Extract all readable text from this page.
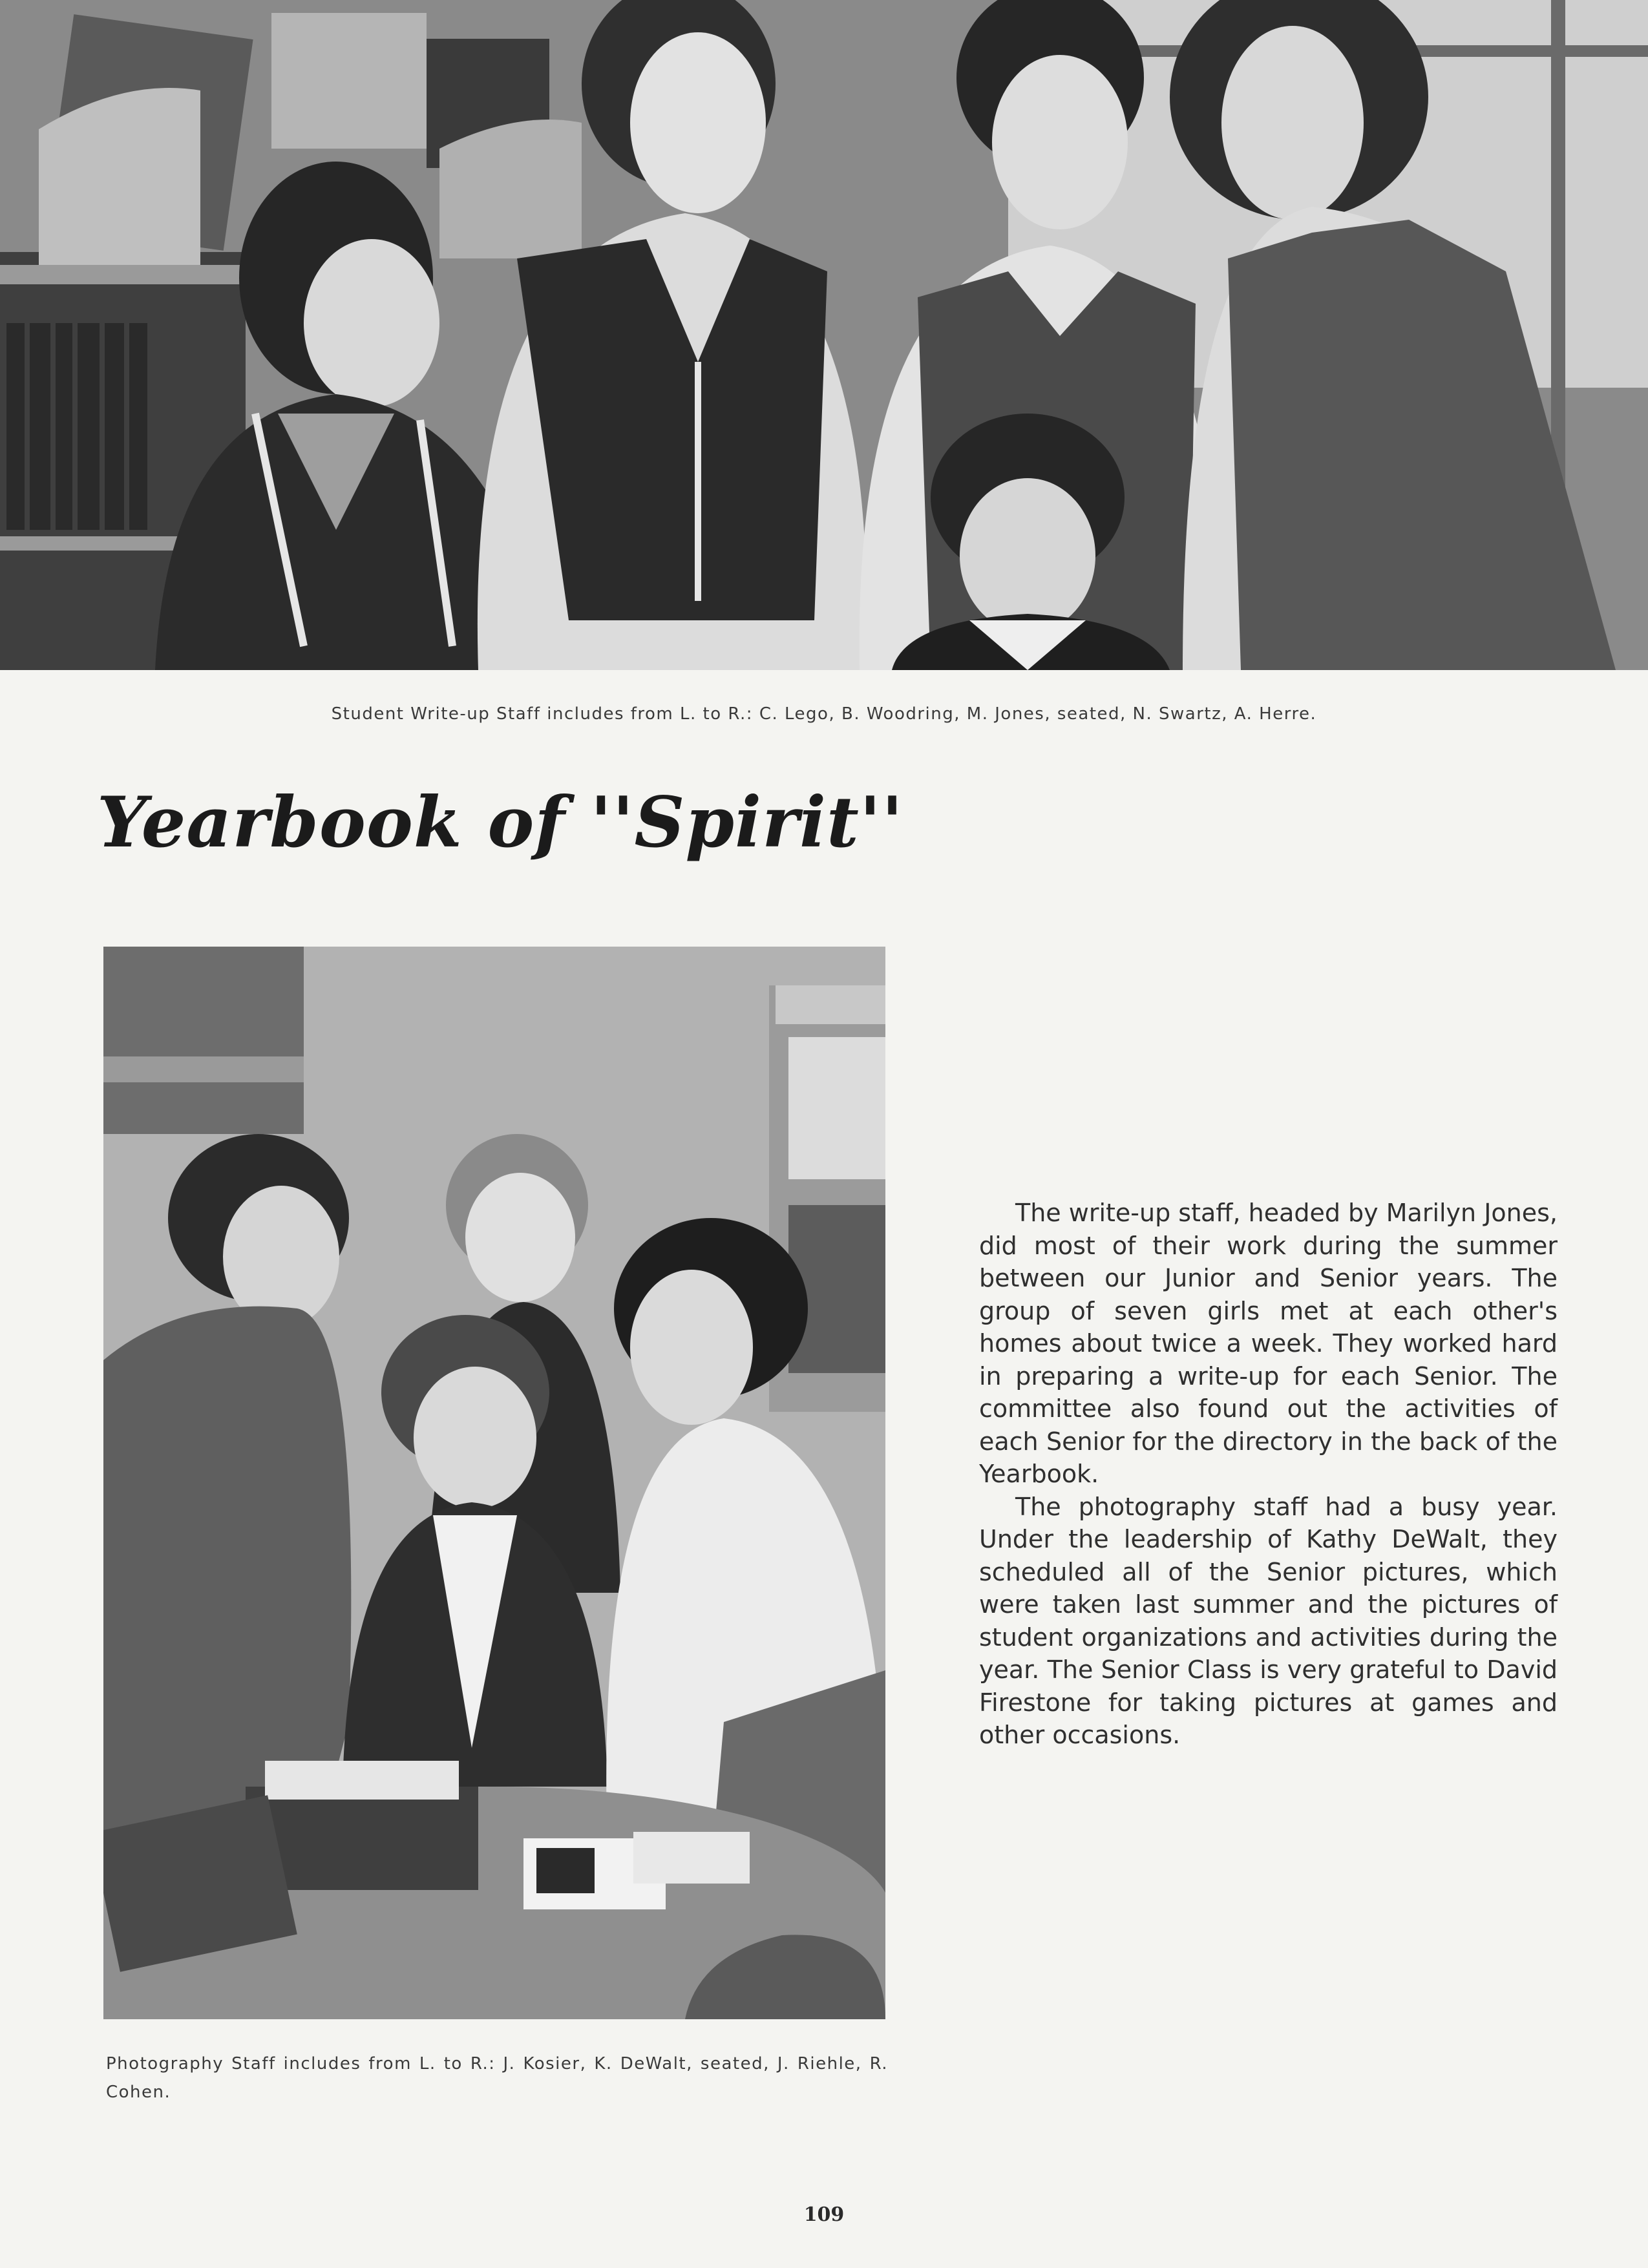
Student Write-up Staff includes from L. to R.: C. Lego, B. Woodring, M. Jones, seated, N. Swartz, A. Herre.
Yearbook of ''Spirit''
Photography Staff includes from L. to R.: J. Kosier, K. DeWalt, seated, J. Riehle, R. Cohen.

The write-up staff, headed by Marilyn Jones, did most of their work during the summer between our Junior and Senior years. The group of seven girls met at each other's homes about twice a week. They worked hard in preparing a write-up for each Senior. The committee also found out the activities of each Senior for the directory in the back of the Yearbook.

The photography staff had a busy year. Under the leadership of Kathy DeWalt, they scheduled all of the Senior pictures, which were taken last summer and the pictures of student organizations and activities during the year. The Senior Class is very grateful to David Firestone for taking pictures at games and other occasions.

109
